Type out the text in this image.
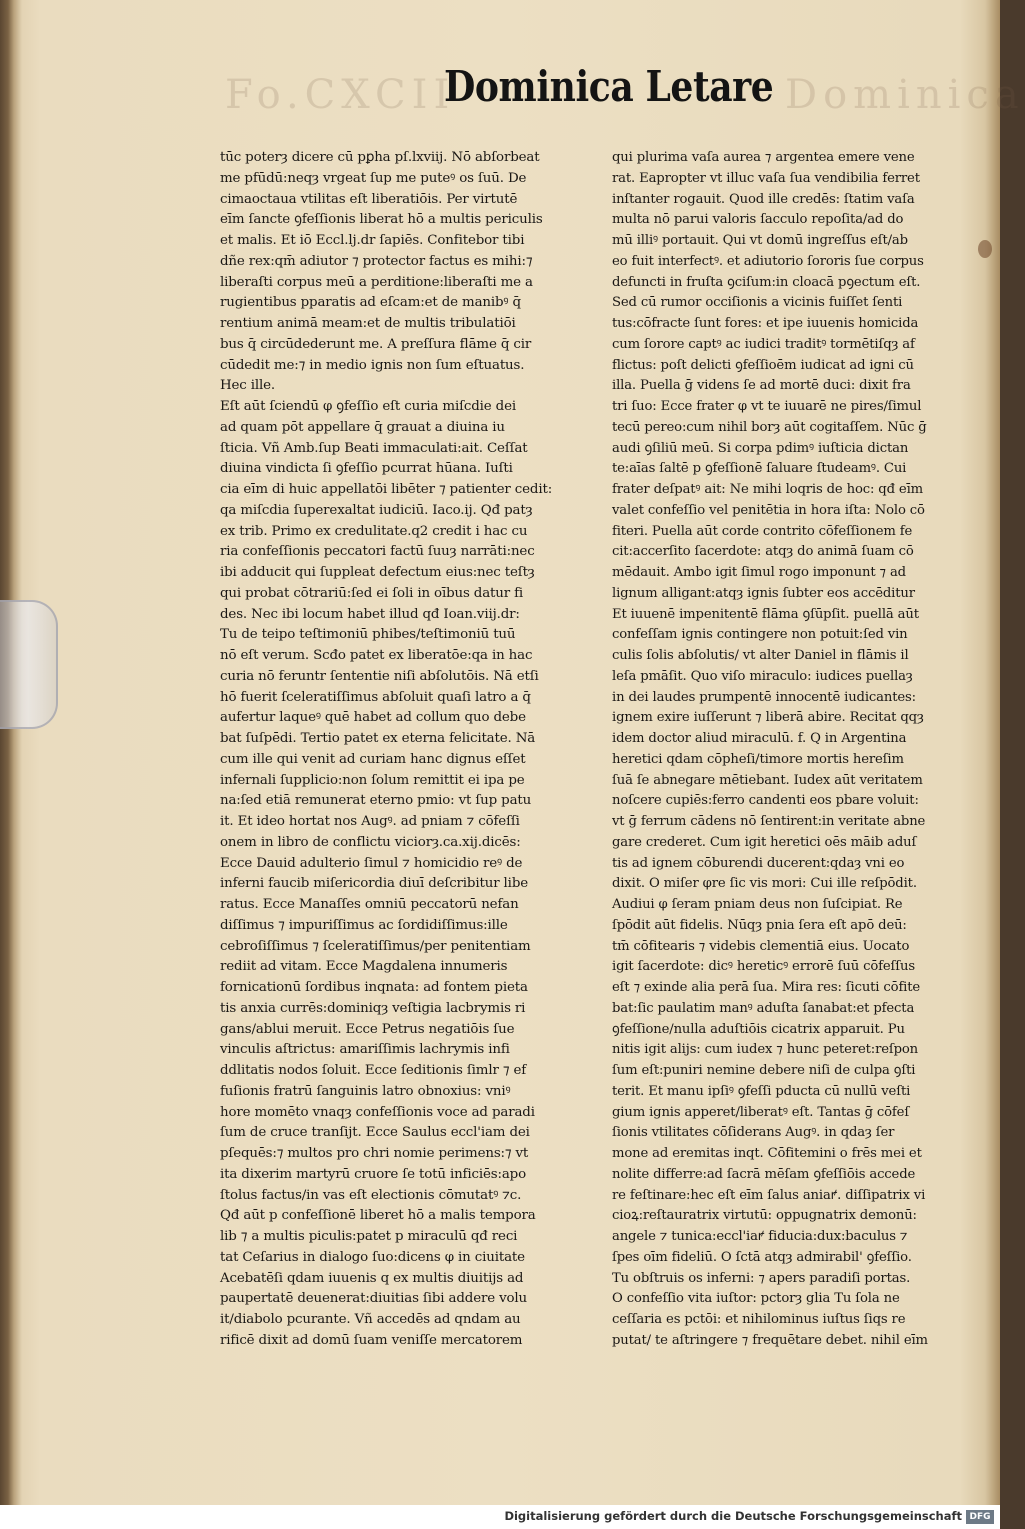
Fo.CXCII	Dominica
Dominica Letare
tūc poterȝ dicere cū pꝑha pſ.lxviij. Nō abſorbeat
me pfūdū:neqȝ vrgeat ſup me puteꝰ os ſuū. De
cimaoctaua vtilitas eſt liberatiōis. Per virtutē
eīm ſancte ꝯfeſſionis liberat hō a multis periculis
et malis. Et iō Eccl.lj.dr ſapiēs. Confitebor tibi
dñe rex:qm̄ adiutor ⁊ protector factus es mihi:⁊
liberaſti corpus meū a perditione:liberaſti me a
rugientibus pparatis ad eſcam:et de manibꝰ q̄
rentium animā meam:et de multis tribulatiōi
bus q̄ circūdederunt me. A preſſura flāme q̄ cir
cūdedit me:⁊ in medio ignis non ſum eſtuatus.
Hec ille.
Eſt aūt ſciendū φ ꝯfeſſio eſt curia miſcdie dei
ad quam pōt appellare q̄ grauat a diuina iu
ſticia. Vñ Amb.ſup Beati immaculati:ait. Ceſſat
diuina vindicta ſi ꝯfeſſio pcurrat hūana. Iuſti
cia eīm di huic appellatōi libēter ⁊ patienter cedit:
qa miſcdia ſuperexaltat iudiciū. Iaco.ij. Qđ patȝ
ex trib. Primo ex credulitate.q2 credit i hac cu
ria confeſſionis peccatori factū ſuuȝ narrāti:nec
ibi adducit qui ſuppleat defectum eius:nec teſtȝ
qui probat cōtrariū:ſed ei ſoli in oībus datur fi
des. Nec ibi locum habet illud qđ Ioan.viij.dr:
Tu de teipo teſtimoniū phibes/teſtimoniū tuū
nō eſt verum. Scđo patet ex liberatōe:qa in hac
curia nō feruntr ſententie niſi abſolutōis. Nā etſi
hō fuerit ſceleratiſſimus abſoluit quaſi latro a q̄
aufertur laqueꝰ quē habet ad collum quo debe
bat ſuſpēdi. Tertio patet ex eterna felicitate. Nā
cum ille qui venit ad curiam hanc dignus eſſet
infernali ſupplicio:non ſolum remittit ei ipa pe
na:ſed etiā remunerat eterno pmio: vt ſup patu
it. Et ideo hortat nos Augꝰ. ad pniam ⁊ cōfeſſi
onem in libro de conflictu viciorȝ.ca.xij.dicēs:
Ecce Dauid adulterio ſimul ⁊ homicidio reꝰ de
inferni faucib miſericordia diuī deſcribitur libe
ratus. Ecce Manaſſes omniū peccatorū nefan
diſſimus ⁊ impuriſſimus ac ſordidiſſimus:ille
cebroſiſſimus ⁊ ſceleratiſſimus/per penitentiam
rediit ad vitam. Ecce Magdalena innumeris
fornicationū ſordibus inqnata: ad fontem pieta
tis anxia currēs:dominiqȝ veſtigia lacbrymis ri
gans/ablui meruit. Ecce Petrus negatiōis ſue
vinculis aſtrictus: amariſſimis lachrymis infi
ddlitatis nodos ſoluit. Ecce ſeditionis ſimlr ⁊ ef
fuſionis fratrū ſanguinis latro obnoxius: vniꝰ
hore momēto vnaqȝ confeſſionis voce ad paradi
ſum de cruce tranſijt. Ecce Saulus eccl'iam dei
pſequēs:⁊ multos pro chri nomie perimens:⁊ vt
ita dixerim martyrū cruore ſe totū inficiēs:apo
ſtolus factus/in vas eſt electionis cōmutatꝰ ⁊c.
Qđ aūt p confeſſionē liberet hō a malis tempora
lib ⁊ a multis piculis:patet p miraculū qđ reci
tat Ceſarius in dialogo ſuo:dicens φ in ciuitate
Acebatēſi qdam iuuenis q ex multis diuitijs ad
paupertatē deuenerat:diuitias ſibi addere volu
it/diabolo pcurante. Vñ accedēs ad qndam au
rificē dixit ad domū ſuam veniſſe mercatorem
qui plurima vaſa aurea ⁊ argentea emere vene
rat. Eapropter vt illuc vaſa ſua vendibilia ferret
inſtanter rogauit. Quod ille credēs: ſtatim vaſa
multa nō parui valoris ſacculo repoſita/ad do
mū illiꝰ portauit. Qui vt domū ingreſſus eſt/ab
eo fuit interfectꝰ. et adiutorio ſororis ſue corpus
defuncti in fruſta ꝯciſum:in cloacā pꝯectum eſt.
Sed cū rumor occiſionis a vicinis fuiſſet ſenti
tus:cōfracte ſunt fores: et ipe iuuenis homicida
cum ſorore captꝰ ac iudici traditꝰ tormētiſqȝ af
flictus: poſt delicti ꝯfeſſioēm iudicat ad igni cū
illa. Puella ḡ videns ſe ad mortē duci: dixit fra
tri ſuo: Ecce frater φ vt te iuuarē ne pires/ſimul
tecū pereo:cum nihil borȝ aūt cogitaſſem. Nūc ḡ
audi ꝯſiliū meū. Si corpa pdimꝰ iuſticia dictan
te:aīas ſaltē p ꝯfeſſionē ſaluare ſtudeamꝰ. Cui
frater deſpatꝰ ait: Ne mihi loqris de hoc: qđ eīm
valet confeſſio vel penitētia in hora iſta: Nolo cō
fiteri. Puella aūt corde contrito cōfeſſionem fe
cit:accerſito ſacerdote: atqȝ do animā ſuam cō
mēdauit. Ambo igit ſimul rogo imponunt ⁊ ad
lignum alligant:atqȝ ignis ſubter eos accēditur
Et iuuenē impenitentē flāma ꝯſūpſit. puellā aūt
confeſſam ignis contingere non potuit:ſed vin
culis ſolis abſolutis/ vt alter Daniel in flāmis il
leſa pmāſit. Quo viſo miraculo: iudices puellaȝ
in dei laudes prumpentē innocentē iudicantes:
ignem exire iuſſerunt ⁊ liberā abire. Recitat qqȝ
idem doctor aliud miraculū. f. Q in Argentina
heretici qdam cōpheſi/timore mortis hereſim
ſuā ſe abnegare mētiebant. Iudex aūt veritatem
noſcere cupiēs:ferro candenti eos pbare voluit:
vt ḡ ferrum cādens nō ſentirent:in veritate abne
gare crederet. Cum igit heretici oēs māib aduſ
tis ad ignem cōburendi ducerent:qdaȝ vni eo
dixit. O miſer φre ſic vis mori: Cui ille reſpōdit.
Audiui φ ſeram pniam deus non ſuſcipiat. Re
ſpōdit aūt fidelis. Nūqȝ pnia ſera eſt apō deū:
tm̄ cōfitearis ⁊ videbis clementiā eius. Uocato
igit ſacerdote: dicꝰ hereticꝰ errorē ſuū cōfeſſus
eſt ⁊ exinde alia perā ſua. Mira res: ſicuti cōfite
bat:ſic paulatim manꝰ aduſta ſanabat:et pfecta
ꝯfeſſione/nulla aduſtiōis cicatrix apparuit. Pu
nitis igit alijs: cum iudex ⁊ hunc peteret:reſpon
ſum eſt:puniri nemine debere niſi de culpa ꝯſti
terit. Et manu ipſiꝰ ꝯfeſſi pducta cū nullū veſti
gium ignis apperet/liberatꝰ eſt. Tantas ḡ cōfeſ
ſionis vtilitates cōſiderans Augꝰ. in qdaȝ ſer
mone ad eremitas inqt. Cōfitemini o frēs mei et
nolite differre:ad ſacrā mēſam ꝯfeſſiōis accede
re feſtinare:hec eſt eīm ſalus aniaꝵ. diſſipatrix vi
cioꝝ:reſtauratrix virtutū: oppugnatrix demonū:
angele ⁊ tunica:eccl'iaꝵ fiducia:dux:baculus ⁊
ſpes oīm fideliū. O ſctā atqȝ admirabil' ꝯfeſſio.
Tu obſtruis os inferni: ⁊ apers paradiſi portas.
O confeſſio vita iuſtor: pctorȝ glia Tu ſola ne
ceſſaria es pctōi: et nihilominus iuſtus ſiqs re
putat/ te aſtringere ⁊ frequētare debet. nihil eīm
Digitalisierung gefördert durch die Deutsche Forschungsgemeinschaft DFG
